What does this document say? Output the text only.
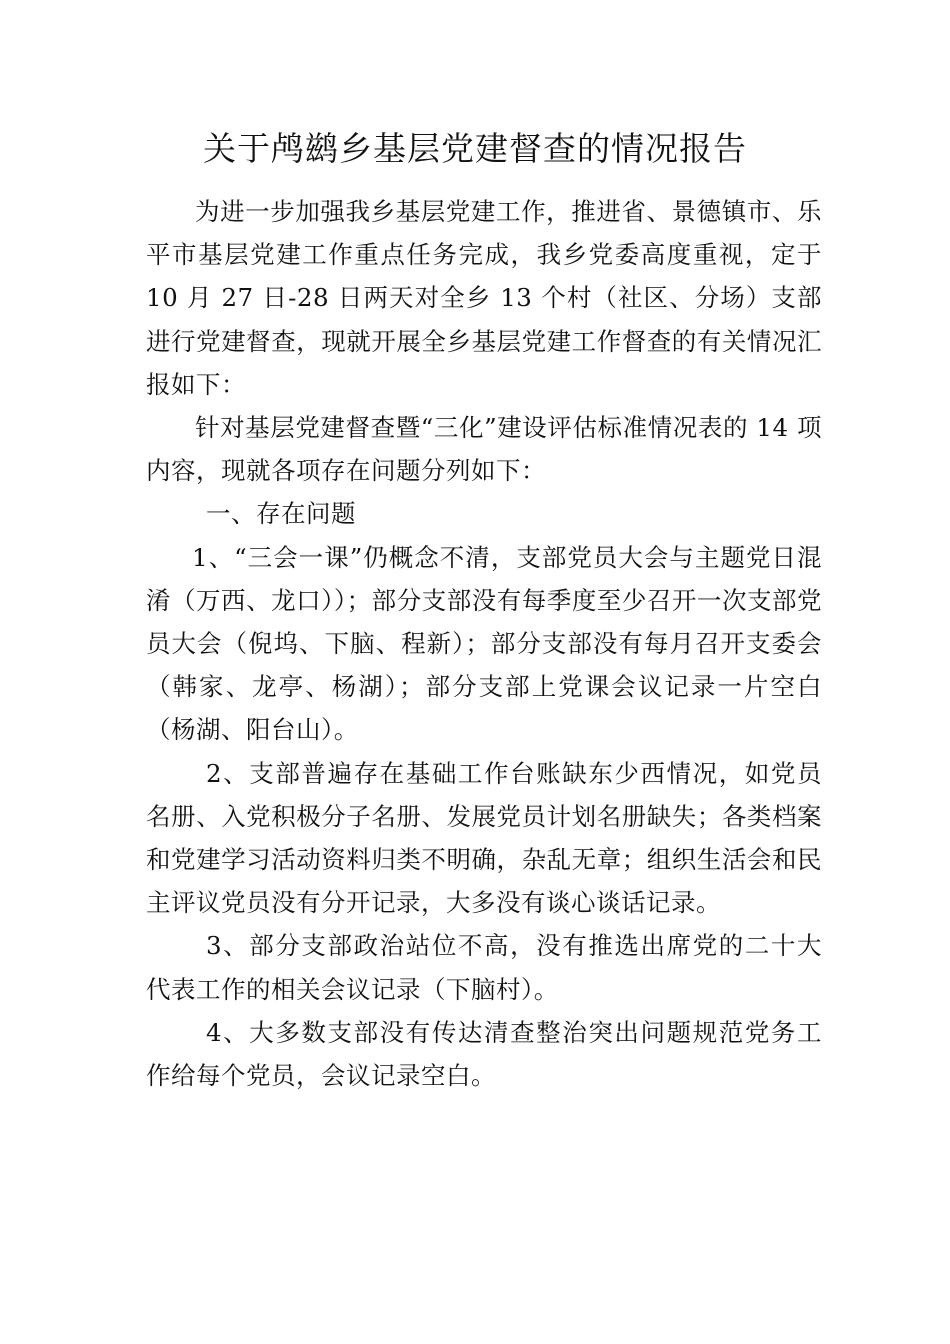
关于鸬鹚乡基层党建督查的情况报告

为进一步加强我乡基层党建工作，推进省、景德镇市、乐平市基层党建工作重点任务完成，我乡党委高度重视，定于 10 月 27 日-28 日两天对全乡 13 个村（社区、分场）支部进行党建督查，现就开展全乡基层党建工作督查的有关情况汇报如下：

针对基层党建督查暨“三化”建设评估标准情况表的 14 项内容，现就各项存在问题分列如下：

一、存在问题

1、“三会一课”仍概念不清，支部党员大会与主题党日混淆（万西、龙口））；部分支部没有每季度至少召开一次支部党员大会（倪坞、下脑、程新）；部分支部没有每月召开支委会（韩家、龙亭、杨湖）；部分支部上党课会议记录一片空白（杨湖、阳台山）。

2、支部普遍存在基础工作台账缺东少西情况，如党员名册、入党积极分子名册、发展党员计划名册缺失；各类档案和党建学习活动资料归类不明确，杂乱无章；组织生活会和民主评议党员没有分开记录，大多没有谈心谈话记录。

3、部分支部政治站位不高，没有推选出席党的二十大代表工作的相关会议记录（下脑村）。

4、大多数支部没有传达清查整治突出问题规范党务工作给每个党员，会议记录空白。
